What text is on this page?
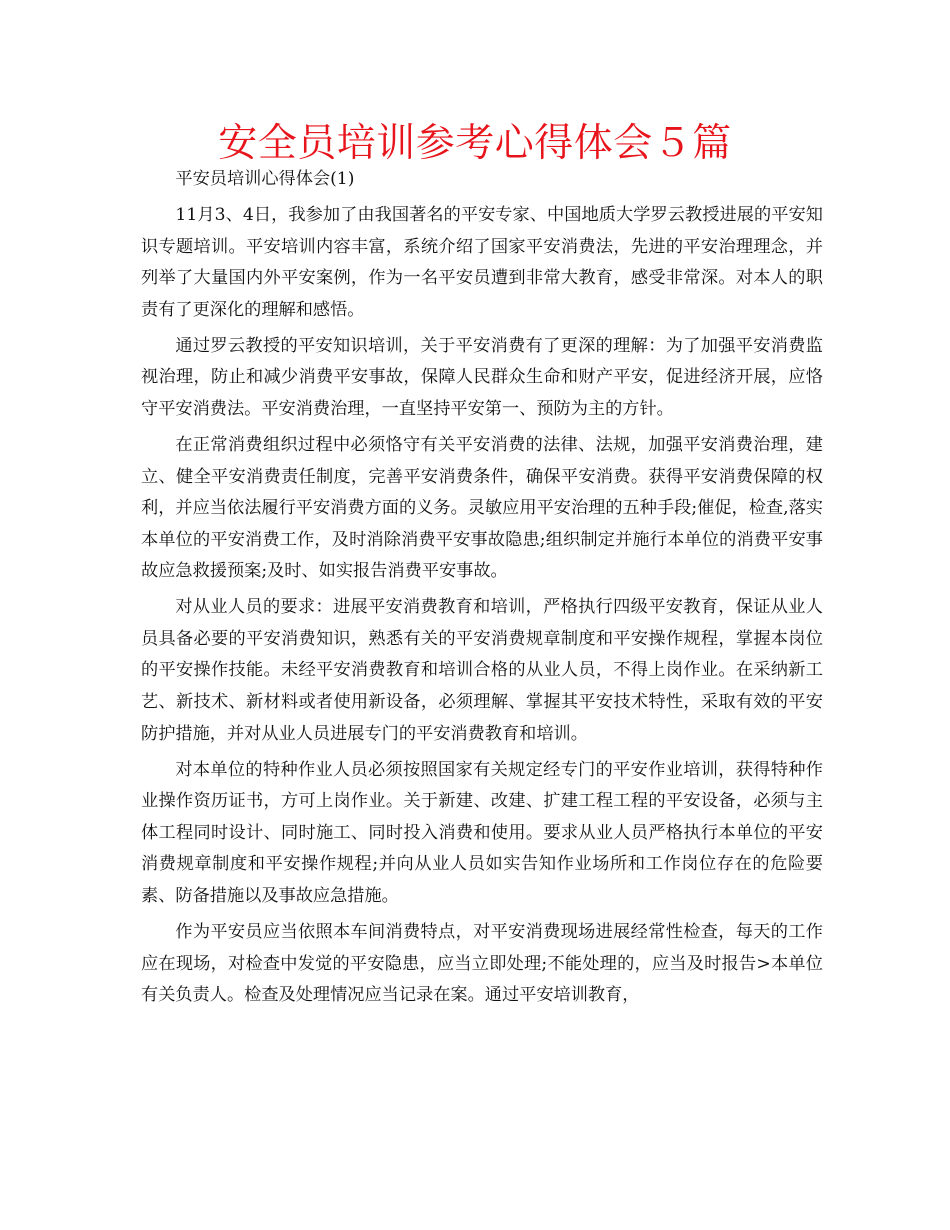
安全员培训参考心得体会５篇

平安员培训心得体会(1)

11月3、4日，我参加了由我国著名的平安专家、中国地质大学罗云教授进展的平安知识专题培训。平安培训内容丰富，系统介绍了国家平安消费法，先进的平安治理理念，并列举了大量国内外平安案例，作为一名平安员遭到非常大教育，感受非常深。对本人的职责有了更深化的理解和感悟。

通过罗云教授的平安知识培训，关于平安消费有了更深的理解：为了加强平安消费监视治理，防止和减少消费平安事故，保障人民群众生命和财产平安，促进经济开展，应恪守平安消费法。平安消费治理，一直坚持平安第一、预防为主的方针。

在正常消费组织过程中必须恪守有关平安消费的法律、法规，加强平安消费治理，建立、健全平安消费责任制度，完善平安消费条件，确保平安消费。获得平安消费保障的权利，并应当依法履行平安消费方面的义务。灵敏应用平安治理的五种手段;催促，检查,落实本单位的平安消费工作，及时消除消费平安事故隐患;组织制定并施行本单位的消费平安事故应急救援预案;及时、如实报告消费平安事故。

对从业人员的要求：进展平安消费教育和培训，严格执行四级平安教育，保证从业人员具备必要的平安消费知识，熟悉有关的平安消费规章制度和平安操作规程，掌握本岗位的平安操作技能。未经平安消费教育和培训合格的从业人员，不得上岗作业。在采纳新工艺、新技术、新材料或者使用新设备，必须理解、掌握其平安技术特性，采取有效的平安防护措施，并对从业人员进展专门的平安消费教育和培训。

对本单位的特种作业人员必须按照国家有关规定经专门的平安作业培训，获得特种作业操作资历证书，方可上岗作业。关于新建、改建、扩建工程工程的平安设备，必须与主体工程同时设计、同时施工、同时投入消费和使用。要求从业人员严格执行本单位的平安消费规章制度和平安操作规程;并向从业人员如实告知作业场所和工作岗位存在的危险要素、防备措施以及事故应急措施。

作为平安员应当依照本车间消费特点，对平安消费现场进展经常性检查，每天的工作应在现场，对检查中发觉的平安隐患，应当立即处理;不能处理的，应当及时报告>本单位有关负责人。检查及处理情况应当记录在案。通过平安培训教育，
